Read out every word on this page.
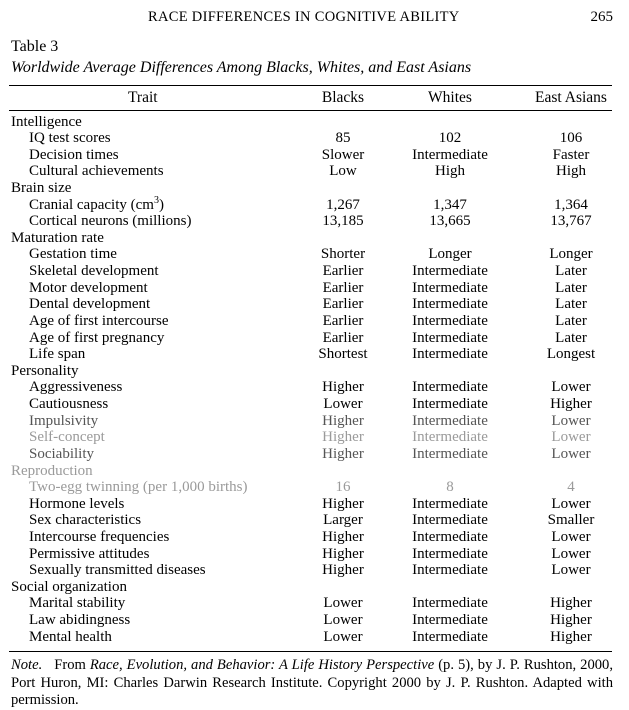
RACE DIFFERENCES IN COGNITIVE ABILITY	265
Table 3
Worldwide Average Differences Among Blacks, Whites, and East Asians
Trait	Blacks	Whites	East Asians
Intelligence
IQ test scores	85	102	106
Decision times	Slower	Intermediate	Faster
Cultural achievements	Low	High	High
Brain size
Cranial capacity $(cm^3)$	1,267	1,347	1,364
Cortical neurons (millions)	13,185	13,665	13,767
Maturation rate
Gestation time	Shorter	Longer	Longer
Skeletal development	Earlier	Intermediate	Later
Motor development	Earlier	Intermediate	Later
Dental development	Earlier	Intermediate	Later
Age of first intercourse	Earlier	Intermediate	Later
Age of first pregnancy	Earlier	Intermediate	Later
Life span	Shortest	Intermediate	Longest
Personality
Aggressiveness	Higher	Intermediate	Lower
Cautiousness	Lower	Intermediate	Higher
Impulsivity	Higher	Intermediate	Lower
Self-concept	Higher	Intermediate	Lower
Sociability	Higher	Intermediate	Lower
Reproduction
Two-egg twinning (per 1,000 births)	16	8	4
Hormone levels	Higher	Intermediate	Lower
Sex characteristics	Larger	Intermediate	Smaller
Intercourse frequencies	Higher	Intermediate	Lower
Permissive attitudes	Higher	Intermediate	Lower
Sexually transmitted diseases	Higher	Intermediate	Lower
Social organization
Marital stability	Lower	Intermediate	Higher
Law abidingness	Lower	Intermediate	Higher
Mental health	Lower	Intermediate	Higher
Note. From Race, Evolution, and Behavior: A Life History Perspective (p. 5), by J. P. Rushton, 2000, Port Huron, MI: Charles Darwin Research Institute. Copyright 2000 by J. P. Rushton. Adapted with permission.
